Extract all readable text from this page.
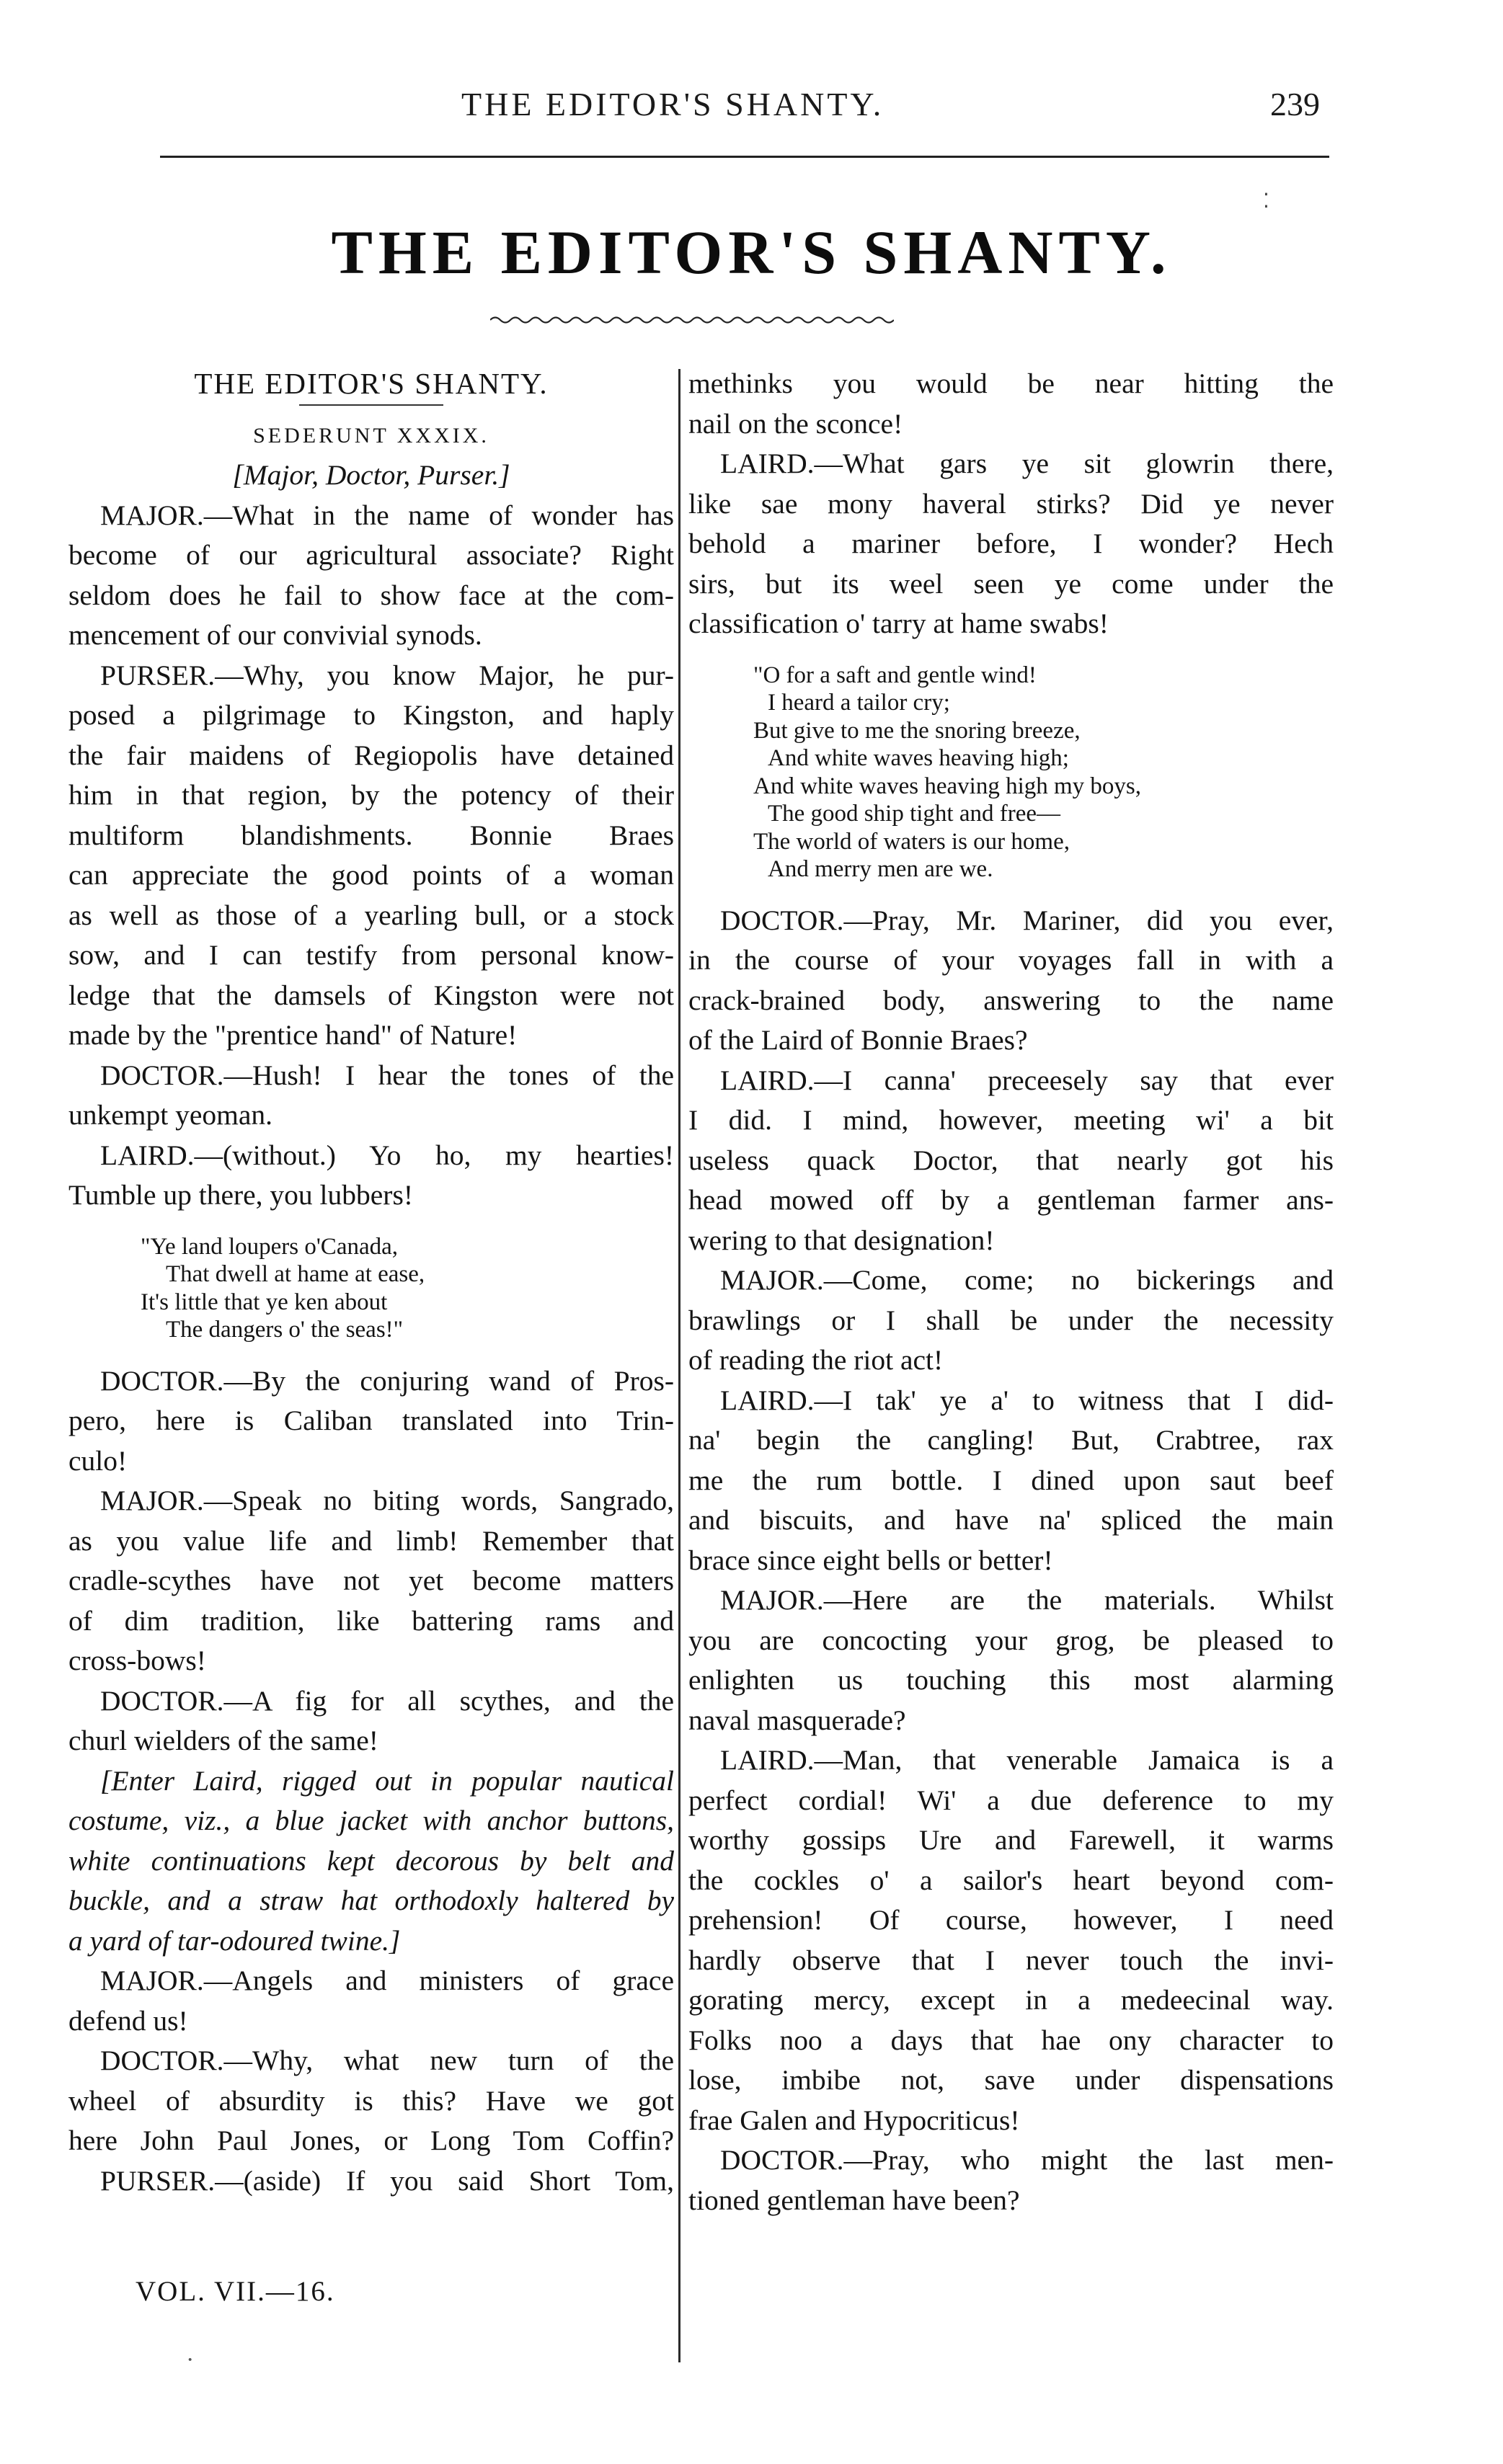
THE EDITOR'S SHANTY.	239
⁚
THE EDITOR'S SHANTY.
THE EDITOR'S SHANTY.
SEDERUNT XXXIX.
[Major, Doctor, Purser.]
MAJOR.—What in the name of wonder has
become of our agricultural associate? Right
seldom does he fail to show face at the com-
mencement of our convivial synods.
PURSER.—Why, you know Major, he pur-
posed a pilgrimage to Kingston, and haply
the fair maidens of Regiopolis have detained
him in that region, by the potency of their
multiform blandishments. Bonnie Braes
can appreciate the good points of a woman
as well as those of a yearling bull, or a stock
sow, and I can testify from personal know-
ledge that the damsels of Kingston were not
made by the "prentice hand" of Nature!
DOCTOR.—Hush! I hear the tones of the
unkempt yeoman.
LAIRD.—(without.) Yo ho, my hearties!
Tumble up there, you lubbers!
"Ye land loupers o'Canada,
That dwell at hame at ease,
It's little that ye ken about
The dangers o' the seas!"
DOCTOR.—By the conjuring wand of Pros-
pero, here is Caliban translated into Trin-
culo!
MAJOR.—Speak no biting words, Sangrado,
as you value life and limb! Remember that
cradle-scythes have not yet become matters
of dim tradition, like battering rams and
cross-bows!
DOCTOR.—A fig for all scythes, and the
churl wielders of the same!
[Enter Laird, rigged out in popular nautical
costume, viz., a blue jacket with anchor buttons,
white continuations kept decorous by belt and
buckle, and a straw hat orthodoxly haltered by
a yard of tar-odoured twine.]
MAJOR.—Angels and ministers of grace
defend us!
DOCTOR.—Why, what new turn of the
wheel of absurdity is this? Have we got
here John Paul Jones, or Long Tom Coffin?
PURSER.—(aside) If you said Short Tom,
methinks you would be near hitting the
nail on the sconce!
LAIRD.—What gars ye sit glowrin there,
like sae mony haveral stirks? Did ye never
behold a mariner before, I wonder? Hech
sirs, but its weel seen ye come under the
classification o' tarry at hame swabs!
"O for a saft and gentle wind!
I heard a tailor cry;
But give to me the snoring breeze,
And white waves heaving high;
And white waves heaving high my boys,
The good ship tight and free—
The world of waters is our home,
And merry men are we.
DOCTOR.—Pray, Mr. Mariner, did you ever,
in the course of your voyages fall in with a
crack-brained body, answering to the name
of the Laird of Bonnie Braes?
LAIRD.—I canna' preceesely say that ever
I did. I mind, however, meeting wi' a bit
useless quack Doctor, that nearly got his
head mowed off by a gentleman farmer ans-
wering to that designation!
MAJOR.—Come, come; no bickerings and
brawlings or I shall be under the necessity
of reading the riot act!
LAIRD.—I tak' ye a' to witness that I did-
na' begin the cangling! But, Crabtree, rax
me the rum bottle. I dined upon saut beef
and biscuits, and have na' spliced the main
brace since eight bells or better!
MAJOR.—Here are the materials. Whilst
you are concocting your grog, be pleased to
enlighten us touching this most alarming
naval masquerade?
LAIRD.—Man, that venerable Jamaica is a
perfect cordial! Wi' a due deference to my
worthy gossips Ure and Farewell, it warms
the cockles o' a sailor's heart beyond com-
prehension! Of course, however, I need
hardly observe that I never touch the invi-
gorating mercy, except in a medeecinal way.
Folks noo a days that hae ony character to
lose, imbibe not, save under dispensations
frae Galen and Hypocriticus!
DOCTOR.—Pray, who might the last men-
tioned gentleman have been?
VOL. VII.—16.
·
